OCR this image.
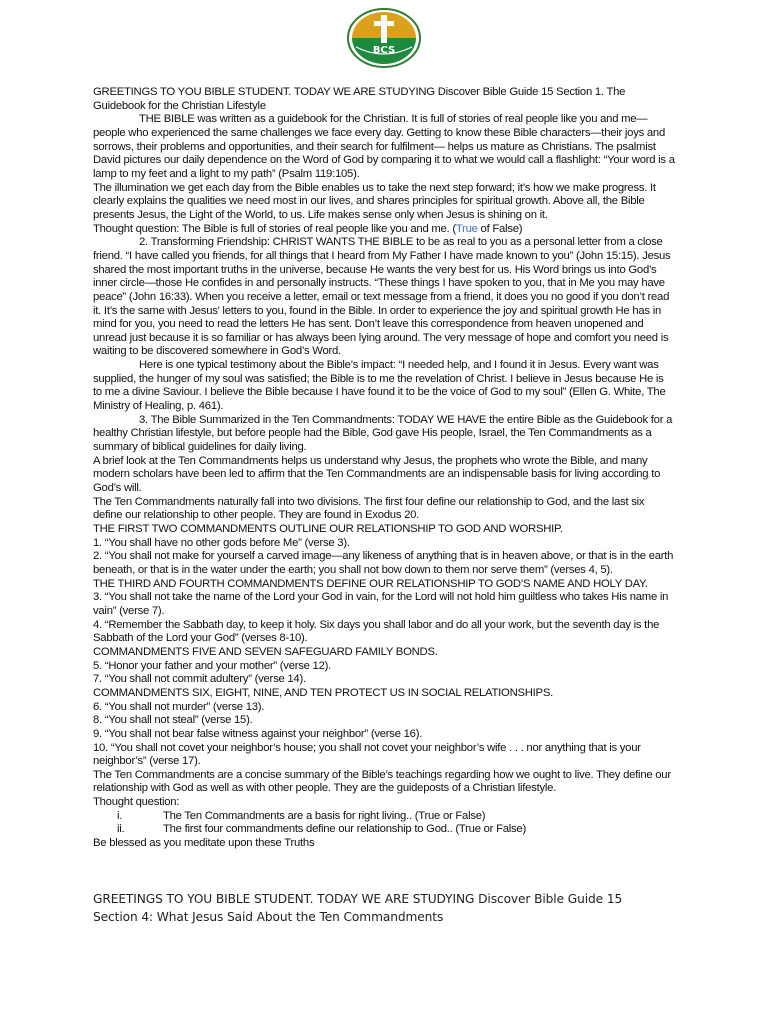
BCS

GREETINGS TO YOU BIBLE STUDENT. TODAY WE ARE STUDYING Discover Bible Guide 15 Section 1. The Guidebook for the Christian Lifestyle

THE BIBLE was written as a guidebook for the Christian. It is full of stories of real people like you and me—people who experienced the same challenges we face every day. Getting to know these Bible characters—their joys and sorrows, their problems and opportunities, and their search for fulfilment— helps us mature as Christians. The psalmist David pictures our daily dependence on the Word of God by comparing it to what we would call a flashlight: “Your word is a lamp to my feet and a light to my path” (Psalm 119:105).

The illumination we get each day from the Bible enables us to take the next step forward; it’s how we make progress. It clearly explains the qualities we need most in our lives, and shares principles for spiritual growth. Above all, the Bible presents Jesus, the Light of the World, to us. Life makes sense only when Jesus is shining on it.

Thought question: The Bible is full of stories of real people like you and me. (True of False)

2. Transforming Friendship: CHRIST WANTS THE BIBLE to be as real to you as a personal letter from a close friend. “I have called you friends, for all things that I heard from My Father I have made known to you” (John 15:15). Jesus shared the most important truths in the universe, because He wants the very best for us. His Word brings us into God’s inner circle—those He confides in and personally instructs. “These things I have spoken to you, that in Me you may have peace” (John 16:33). When you receive a letter, email or text message from a friend, it does you no good if you don’t read it. It’s the same with Jesus' letters to you, found in the Bible. In order to experience the joy and spiritual growth He has in mind for you, you need to read the letters He has sent. Don’t leave this correspondence from heaven unopened and unread just because it is so familiar or has always been lying around. The very message of hope and comfort you need is waiting to be discovered somewhere in God’s Word.

Here is one typical testimony about the Bible’s impact: “I needed help, and I found it in Jesus. Every want was supplied, the hunger of my soul was satisfied; the Bible is to me the revelation of Christ. I believe in Jesus because He is to me a divine Saviour. I believe the Bible because I have found it to be the voice of God to my soul” (Ellen G. White, The Ministry of Healing, p. 461).

3. The Bible Summarized in the Ten Commandments: TODAY WE HAVE the entire Bible as the Guidebook for a healthy Christian lifestyle, but before people had the Bible, God gave His people, Israel, the Ten Commandments as a summary of biblical guidelines for daily living.

A brief look at the Ten Commandments helps us understand why Jesus, the prophets who wrote the Bible, and many modern scholars have been led to affirm that the Ten Commandments are an indispensable basis for living according to God’s will.

The Ten Commandments naturally fall into two divisions. The first four define our relationship to God, and the last six define our relationship to other people. They are found in Exodus 20.

THE FIRST TWO COMMANDMENTS OUTLINE OUR RELATIONSHIP TO GOD AND WORSHIP.

1. “You shall have no other gods before Me” (verse 3).

2. “You shall not make for yourself a carved image—any likeness of anything that is in heaven above, or that is in the earth beneath, or that is in the water under the earth; you shall not bow down to them nor serve them” (verses 4, 5).

THE THIRD AND FOURTH COMMANDMENTS DEFINE OUR RELATIONSHIP TO GOD’S NAME AND HOLY DAY.

3. “You shall not take the name of the Lord your God in vain, for the Lord will not hold him guiltless who takes His name in vain” (verse 7).

4. “Remember the Sabbath day, to keep it holy. Six days you shall labor and do all your work, but the seventh day is the Sabbath of the Lord your God” (verses 8-10).

COMMANDMENTS FIVE AND SEVEN SAFEGUARD FAMILY BONDS.

5. “Honor your father and your mother” (verse 12).

7. “You shall not commit adultery” (verse 14).

COMMANDMENTS SIX, EIGHT, NINE, AND TEN PROTECT US IN SOCIAL RELATIONSHIPS.

6. “You shall not murder” (verse 13).

8. “You shall not steal” (verse 15).

9. “You shall not bear false witness against your neighbor” (verse 16).

10. “You shall not covet your neighbor’s house; you shall not covet your neighbor’s wife . . . nor anything that is your neighbor’s” (verse 17).

The Ten Commandments are a concise summary of the Bible’s teachings regarding how we ought to live. They define our relationship with God as well as with other people. They are the guideposts of a Christian lifestyle.

Thought question:

i.	The Ten Commandments are a basis for right living.. (True or False)
ii.	The first four commandments define our relationship to God.. (True or False)

Be blessed as you meditate upon these Truths

GREETINGS TO YOU BIBLE STUDENT. TODAY WE ARE STUDYING Discover Bible Guide 15

Section 4: What Jesus Said About the Ten Commandments
